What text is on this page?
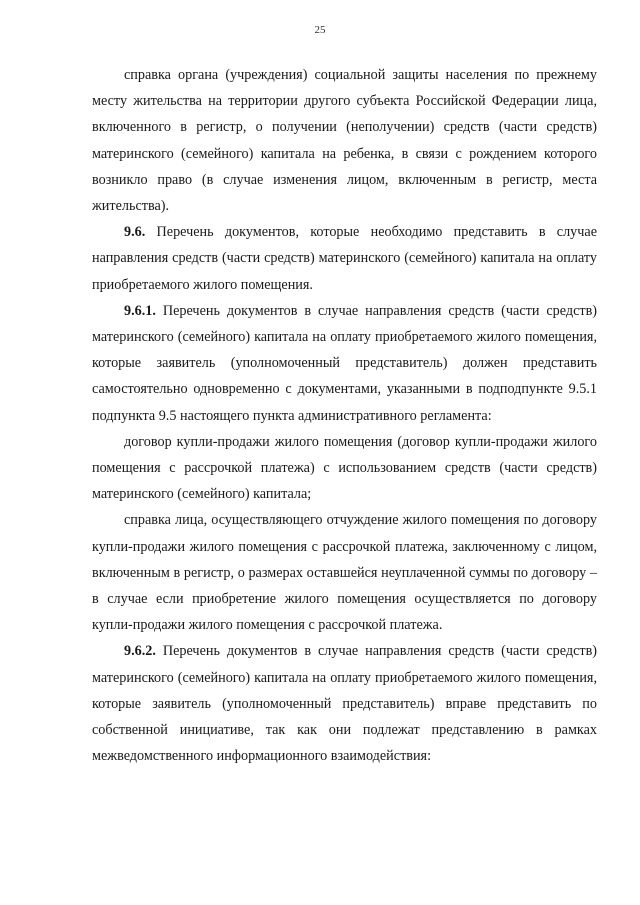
25

справка органа (учреждения) социальной защиты населения по прежнему месту жительства на территории другого субъекта Российской Федерации лица, включенного в регистр, о получении (неполучении) средств (части средств) материнского (семейного) капитала на ребенка, в связи с рождением которого возникло право (в случае изменения лицом, включенным в регистр, места жительства).

9.6. Перечень документов, которые необходимо представить в случае направления средств (части средств) материнского (семейного) капитала на оплату приобретаемого жилого помещения.

9.6.1. Перечень документов в случае направления средств (части средств) материнского (семейного) капитала на оплату приобретаемого жилого помещения, которые заявитель (уполномоченный представитель) должен представить самостоятельно одновременно с документами, указанными в подподпункте 9.5.1 подпункта 9.5 настоящего пункта административного регламента:

договор купли-продажи жилого помещения (договор купли-продажи жилого помещения с рассрочкой платежа) с использованием средств (части средств) материнского (семейного) капитала;

справка лица, осуществляющего отчуждение жилого помещения по договору купли-продажи жилого помещения с рассрочкой платежа, заключенному с лицом, включенным в регистр, о размерах оставшейся неуплаченной суммы по договору – в случае если приобретение жилого помещения осуществляется по договору купли-продажи жилого помещения с рассрочкой платежа.

9.6.2. Перечень документов в случае направления средств (части средств) материнского (семейного) капитала на оплату приобретаемого жилого помещения, которые заявитель (уполномоченный представитель) вправе представить по собственной инициативе, так как они подлежат представлению в рамках межведомственного информационного взаимодействия:
